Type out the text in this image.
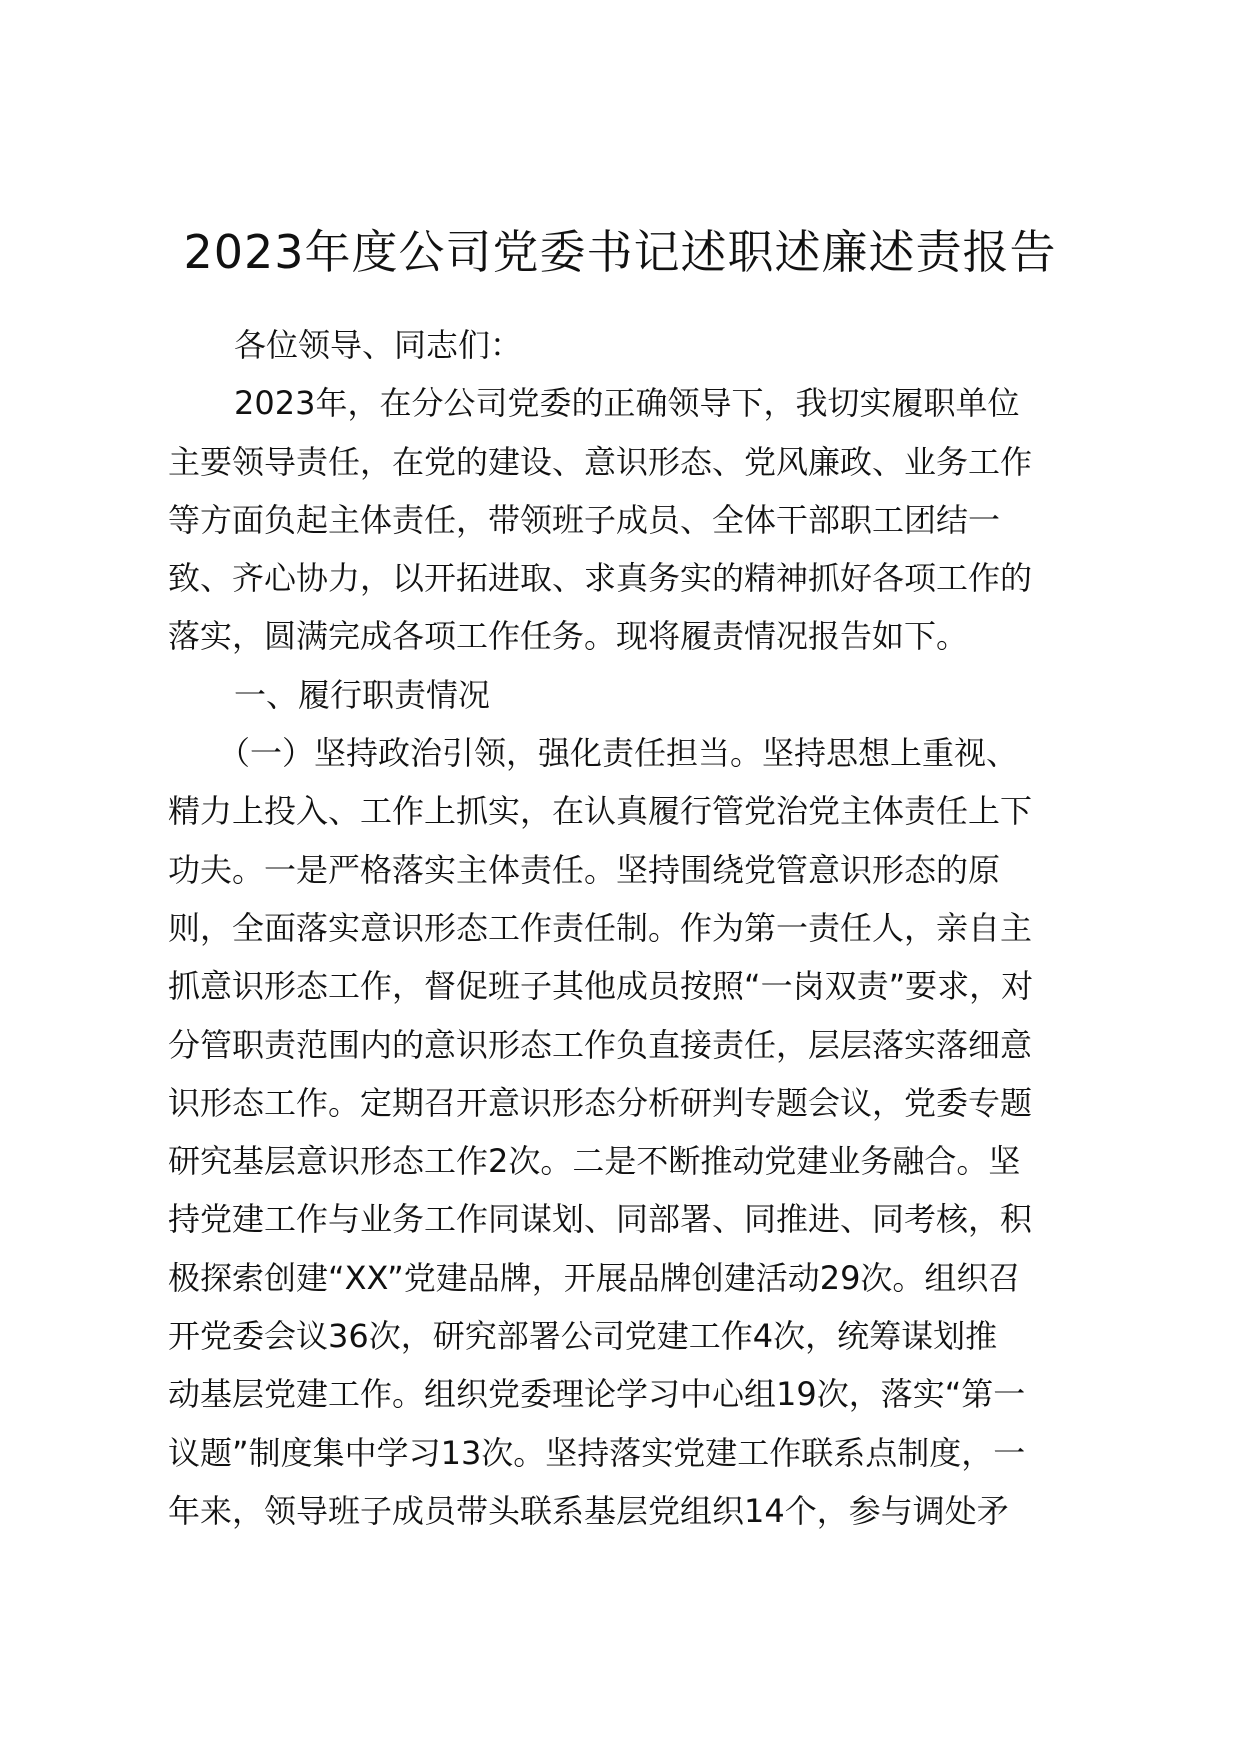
2023年度公司党委书记述职述廉述责报告
各位领导、同志们：
2023年，在分公司党委的正确领导下，我切实履职单位
主要领导责任，在党的建设、意识形态、党风廉政、业务工作
等方面负起主体责任，带领班子成员、全体干部职工团结一
致、齐心协力，以开拓进取、求真务实的精神抓好各项工作的
落实，圆满完成各项工作任务。现将履责情况报告如下。
一、履行职责情况
（一）坚持政治引领，强化责任担当。坚持思想上重视、
精力上投入、工作上抓实，在认真履行管党治党主体责任上下
功夫。一是严格落实主体责任。坚持围绕党管意识形态的原
则，全面落实意识形态工作责任制。作为第一责任人，亲自主
抓意识形态工作，督促班子其他成员按照“一岗双责”要求，对
分管职责范围内的意识形态工作负直接责任，层层落实落细意
识形态工作。定期召开意识形态分析研判专题会议，党委专题
研究基层意识形态工作2次。二是不断推动党建业务融合。坚
持党建工作与业务工作同谋划、同部署、同推进、同考核，积
极探索创建“XX”党建品牌，开展品牌创建活动29次。组织召
开党委会议36次，研究部署公司党建工作4次，统筹谋划推
动基层党建工作。组织党委理论学习中心组19次，落实“第一
议题”制度集中学习13次。坚持落实党建工作联系点制度，一
年来，领导班子成员带头联系基层党组织14个，参与调处矛
